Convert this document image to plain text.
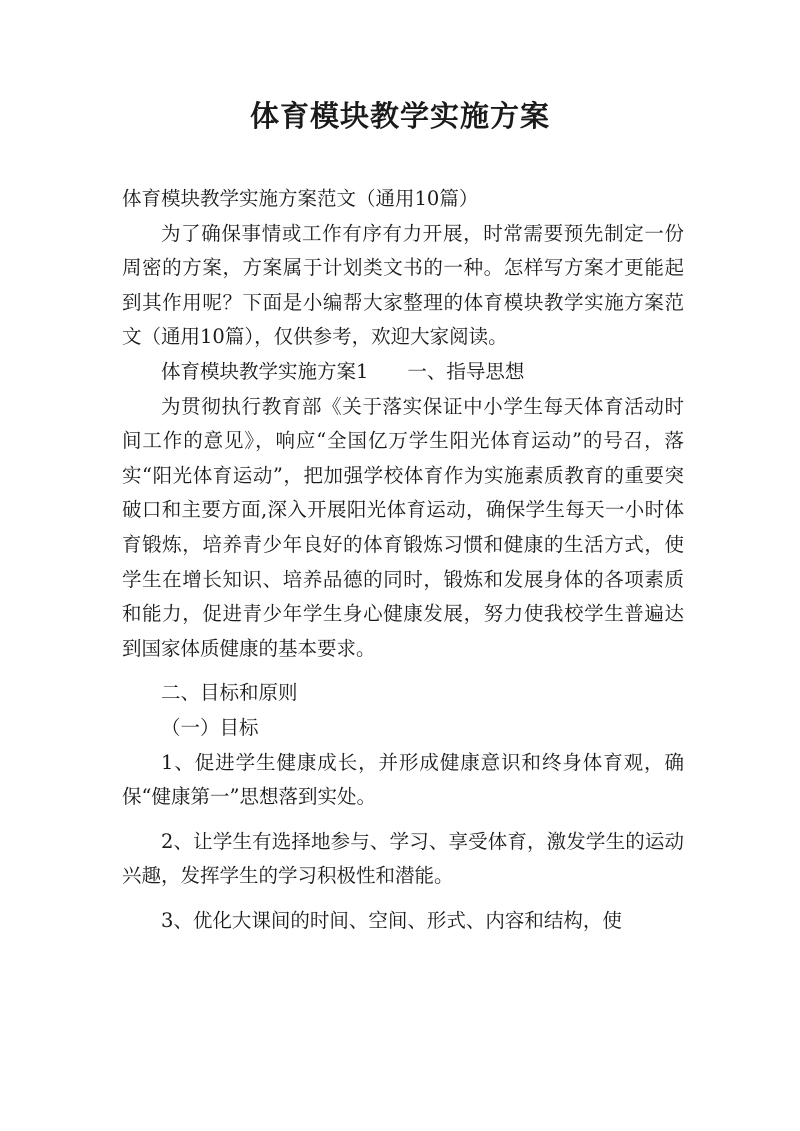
体育模块教学实施方案

体育模块教学实施方案范文（通用10篇）

为了确保事情或工作有序有力开展，时常需要预先制定一份周密的方案，方案属于计划类文书的一种。怎样写方案才更能起到其作用呢？下面是小编帮大家整理的体育模块教学实施方案范文（通用10篇），仅供参考，欢迎大家阅读。

体育模块教学实施方案1　　一、指导思想

为贯彻执行教育部《关于落实保证中小学生每天体育活动时间工作的意见》，响应“全国亿万学生阳光体育运动”的号召，落实“阳光体育运动”，把加强学校体育作为实施素质教育的重要突破口和主要方面,深入开展阳光体育运动，确保学生每天一小时体育锻炼，培养青少年良好的体育锻炼习惯和健康的生活方式，使学生在增长知识、培养品德的同时，锻炼和发展身体的各项素质和能力，促进青少年学生身心健康发展，努力使我校学生普遍达到国家体质健康的基本要求。

二、目标和原则

（一）目标

1、促进学生健康成长，并形成健康意识和终身体育观，确保“健康第一”思想落到实处。

2、让学生有选择地参与、学习、享受体育，激发学生的运动兴趣，发挥学生的学习积极性和潜能。

3、优化大课间的时间、空间、形式、内容和结构，使
